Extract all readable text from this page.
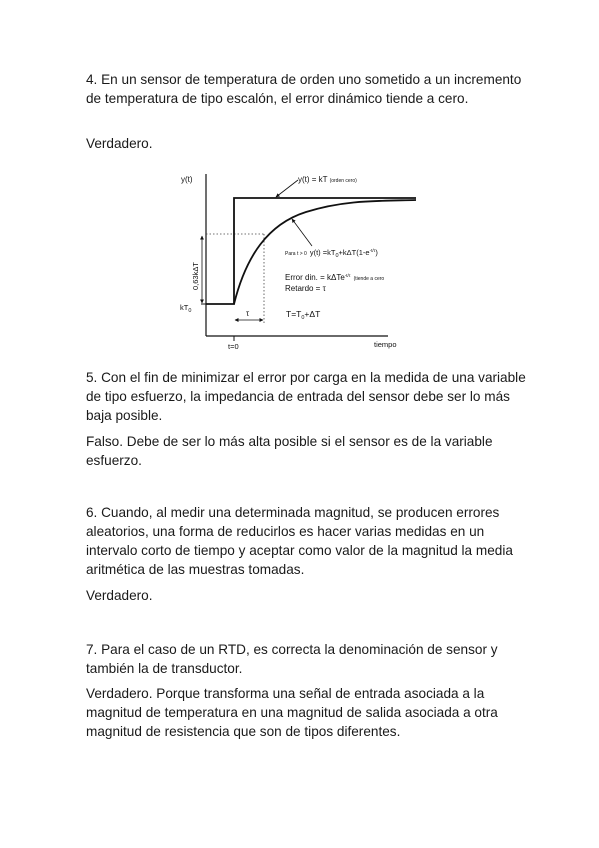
4. En un sensor de temperatura de orden uno sometido a un incremento de temperatura de tipo escalón, el error dinámico tiende a cero.

Verdadero.

y(t)
tiempo
t=0
$kT_0$
0,63kΔT
τ
y(t) = kT (orden cero)
Para t > 0 $y(t) =kT_0+k\Delta T(1-e^{-t/\tau})$
Error din. = kΔTe$^{-t/\tau}_{(tiende a cero}$
Retardo = τ
$T=T_0+\Delta T$

5. Con el fin de minimizar el error por carga en la medida de una variable de tipo esfuerzo, la impedancia de entrada del sensor debe ser lo más baja posible.

Falso. Debe de ser lo más alta posible si el sensor es de la variable esfuerzo.

6. Cuando, al medir una determinada magnitud, se producen errores aleatorios, una forma de reducirlos es hacer varias medidas en un intervalo corto de tiempo y aceptar como valor de la magnitud la media aritmética de las muestras tomadas.

Verdadero.

7. Para el caso de un RTD, es correcta la denominación de sensor y también la de transductor.

Verdadero. Porque transforma una señal de entrada asociada a la magnitud de temperatura en una magnitud de salida asociada a otra magnitud de resistencia que son de tipos diferentes.
